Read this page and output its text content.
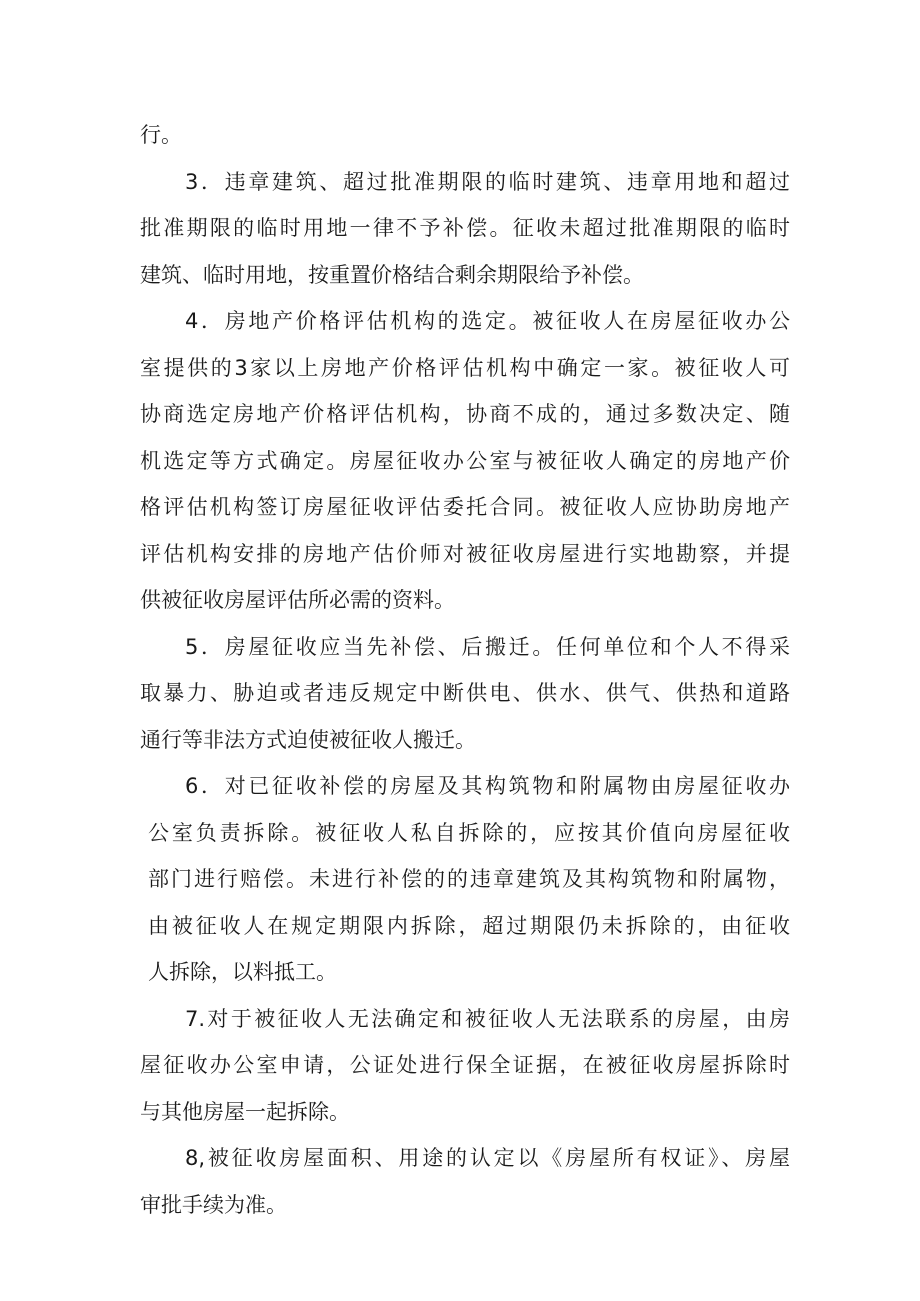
行。
3．违章建筑、超过批准期限的临时建筑、违章用地和超过
批准期限的临时用地一律不予补偿。征收未超过批准期限的临时
建筑、临时用地，按重置价格结合剩余期限给予补偿。
4．房地产价格评估机构的选定。被征收人在房屋征收办公
室提供的3家以上房地产价格评估机构中确定一家。被征收人可
协商选定房地产价格评估机构，协商不成的，通过多数决定、随
机选定等方式确定。房屋征收办公室与被征收人确定的房地产价
格评估机构签订房屋征收评估委托合同。被征收人应协助房地产
评估机构安排的房地产估价师对被征收房屋进行实地勘察，并提
供被征收房屋评估所必需的资料。
5．房屋征收应当先补偿、后搬迁。任何单位和个人不得采
取暴力、胁迫或者违反规定中断供电、供水、供气、供热和道路
通行等非法方式迫使被征收人搬迁。
6．对已征收补偿的房屋及其构筑物和附属物由房屋征收办
公室负责拆除。被征收人私自拆除的，应按其价值向房屋征收
部门进行赔偿。未进行补偿的的违章建筑及其构筑物和附属物，
由被征收人在规定期限内拆除，超过期限仍未拆除的，由征收
人拆除，以料抵工。
7.对于被征收人无法确定和被征收人无法联系的房屋，由房
屋征收办公室申请，公证处进行保全证据，在被征收房屋拆除时
与其他房屋一起拆除。
8,被征收房屋面积、用途的认定以《房屋所有权证》、房屋
审批手续为准。
